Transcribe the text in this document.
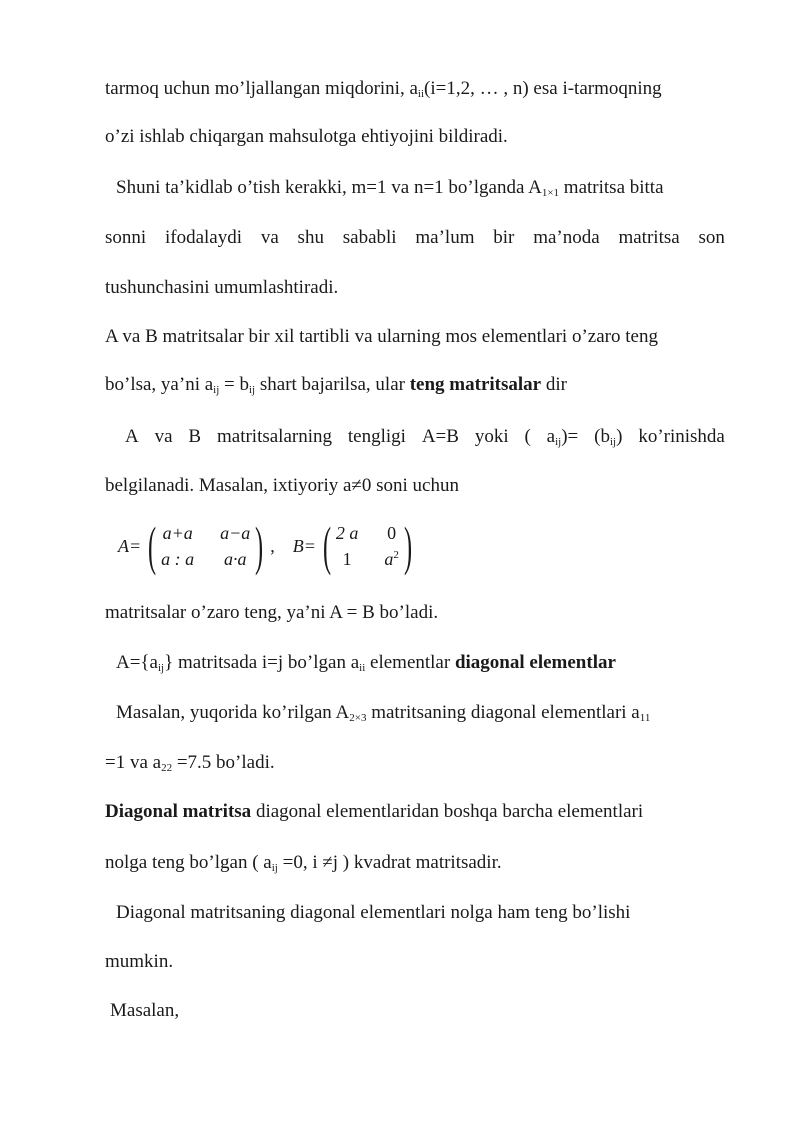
tarmoq uchun mo’ljallangan miqdorini, $a_{ii}(i=1,2$, … , n) esa i-tarmoqning
o’zi ishlab chiqargan mahsulotga ehtiyojini bildiradi.
Shuni ta’kidlab o’tish kerakki, m=1 va n=1 bo’lganda $A_{1\times 1}$ matritsa bitta
sonni ifodalaydi va shu sababli ma’lum bir ma’noda matritsa son
tushunchasini umumlashtiradi.
A va B matritsalar bir xil tartibli va ularning mos elementlari o’zaro teng
bo’lsa, ya’ni $a_{ij} = b_{ij}$ shart bajarilsa, ular teng matritsalar dir
A va B matritsalarning tengligi A=B yoki ( $a_{ij})= (b_{ij})$ ko’rinishda
belgilanadi. Masalan, ixtiyoriy a≠0 soni uchun
A= ( a+a a−a
a : a a·a ) , B= ( 2 a 0
1	$a^2$ )
matritsalar o’zaro teng, ya’ni A = B bo’ladi.
$A=\{a_{ij}\}$ matritsada i=j bo’lgan $a_{ii}$ elementlar diagonal elementlar
Masalan, yuqorida ko’rilgan $A_{2\times 3}$ matritsaning diagonal elementlari $a_{11}$
=1 va $a_{22} =7.5$ bo’ladi.
Diagonal matritsa diagonal elementlaridan boshqa barcha elementlari
nolga teng bo’lgan ( $a_{ij} =0$, i ≠j ) kvadrat matritsadir.
Diagonal matritsaning diagonal elementlari nolga ham teng bo’lishi
mumkin.
Masalan,
